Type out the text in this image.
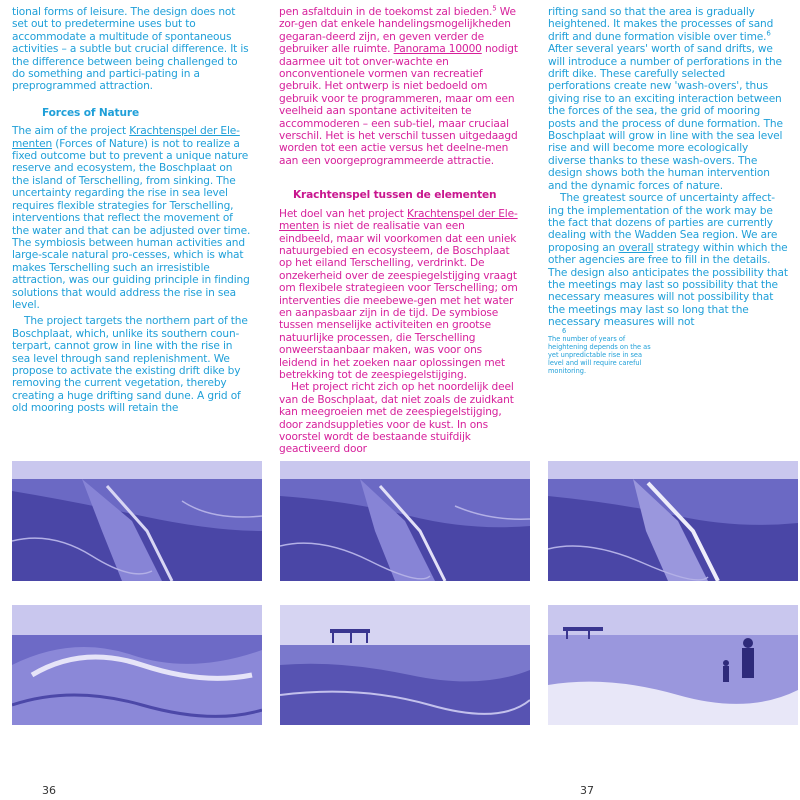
tional forms of leisure. The design does not set out to predetermine uses but to accommodate a multitude of spontaneous activities – a subtle but crucial difference. It is the difference between being challenged to do something and partici-pating in a preprogrammed attraction.

Forces of Nature

The aim of the project Krachtenspel der Ele-menten (Forces of Nature) is not to realize a fixed outcome but to prevent a unique nature reserve and ecosystem, the Boschplaat on the island of Terschelling, from sinking. The uncertainty regarding the rise in sea level requires flexible strategies for Terschelling, interventions that reflect the movement of the water and that can be adjusted over time. The symbiosis between human activities and large-scale natural pro-cesses, which is what makes Terschelling such an irresistible attraction, was our guiding principle in finding solutions that would address the rise in sea level.

The project targets the northern part of the Boschplaat, which, unlike its southern coun-terpart, cannot grow in line with the rise in sea level through sand replenishment. We propose to activate the existing drift dike by removing the current vegetation, thereby creating a huge drifting sand dune. A grid of old mooring posts will retain the

pen asfaltduin in de toekomst zal bieden.$^5$ We zor-gen dat enkele handelingsmogelijkheden gegaran-deerd zijn, en geven verder de gebruiker alle ruimte. Panorama 10000 nodigt daarmee uit tot onver-wachte en onconventionele vormen van recreatief gebruik. Het ontwerp is niet bedoeld om gebruik voor te programmeren, maar om een veelheid aan spontane activiteiten te accommoderen – een sub-tiel, maar cruciaal verschil. Het is het verschil tussen uitgedaagd worden tot een actie versus het deelne-men aan een voorgeprogrammeerde attractie.

Krachtenspel tussen de elementen

Het doel van het project Krachtenspel der Ele-menten is niet de realisatie van een eindbeeld, maar wil voorkomen dat een uniek natuurgebied en ecosysteem, de Boschplaat op het eiland Terschelling, verdrinkt. De onzekerheid over de zeespiegelstijging vraagt om flexibele strategieen voor Terschelling; om interventies die meebewe-gen met het water en aanpasbaar zijn in de tijd. De symbiose tussen menselijke activiteiten en grootse natuurlijke processen, die Terschelling onweerstaanbaar maken, was voor ons leidend in het zoeken naar oplossingen met betrekking tot de zeespiegelstijging.

Het project richt zich op het noordelijk deel van de Boschplaat, dat niet zoals de zuidkant kan meegroeien met de zeespiegelstijging, door zandsuppleties voor de kust. In ons voorstel wordt de bestaande stuifdijk geactiveerd door

rifting sand so that the area is gradually heightened. It makes the processes of sand drift and dune formation visible over time.$^6$ After several years' worth of sand drifts, we will introduce a number of perforations in the drift dike. These carefully selected perforations create new 'wash-overs', thus giving rise to an exciting interaction between the forces of the sea, the grid of mooring posts and the process of dune formation. The Boschplaat will grow in line with the sea level rise and will become more ecologically diverse thanks to these wash-overs. The design shows both the human intervention and the dynamic forces of nature.

The greatest source of uncertainty affect-ing the implementation of the work may be the fact that dozens of parties are currently dealing with the Wadden Sea region. We are proposing an overall strategy within which the other agencies are free to fill in the details. The design also anticipates the possibility that the meetings may last so possibility that the necessary measures will not possibility that the meetings may last so long that the necessary measures will not

6
The number of years of heightening depends on the as yet unpredictable rise in sea level and will require careful monitoring.
36	37
